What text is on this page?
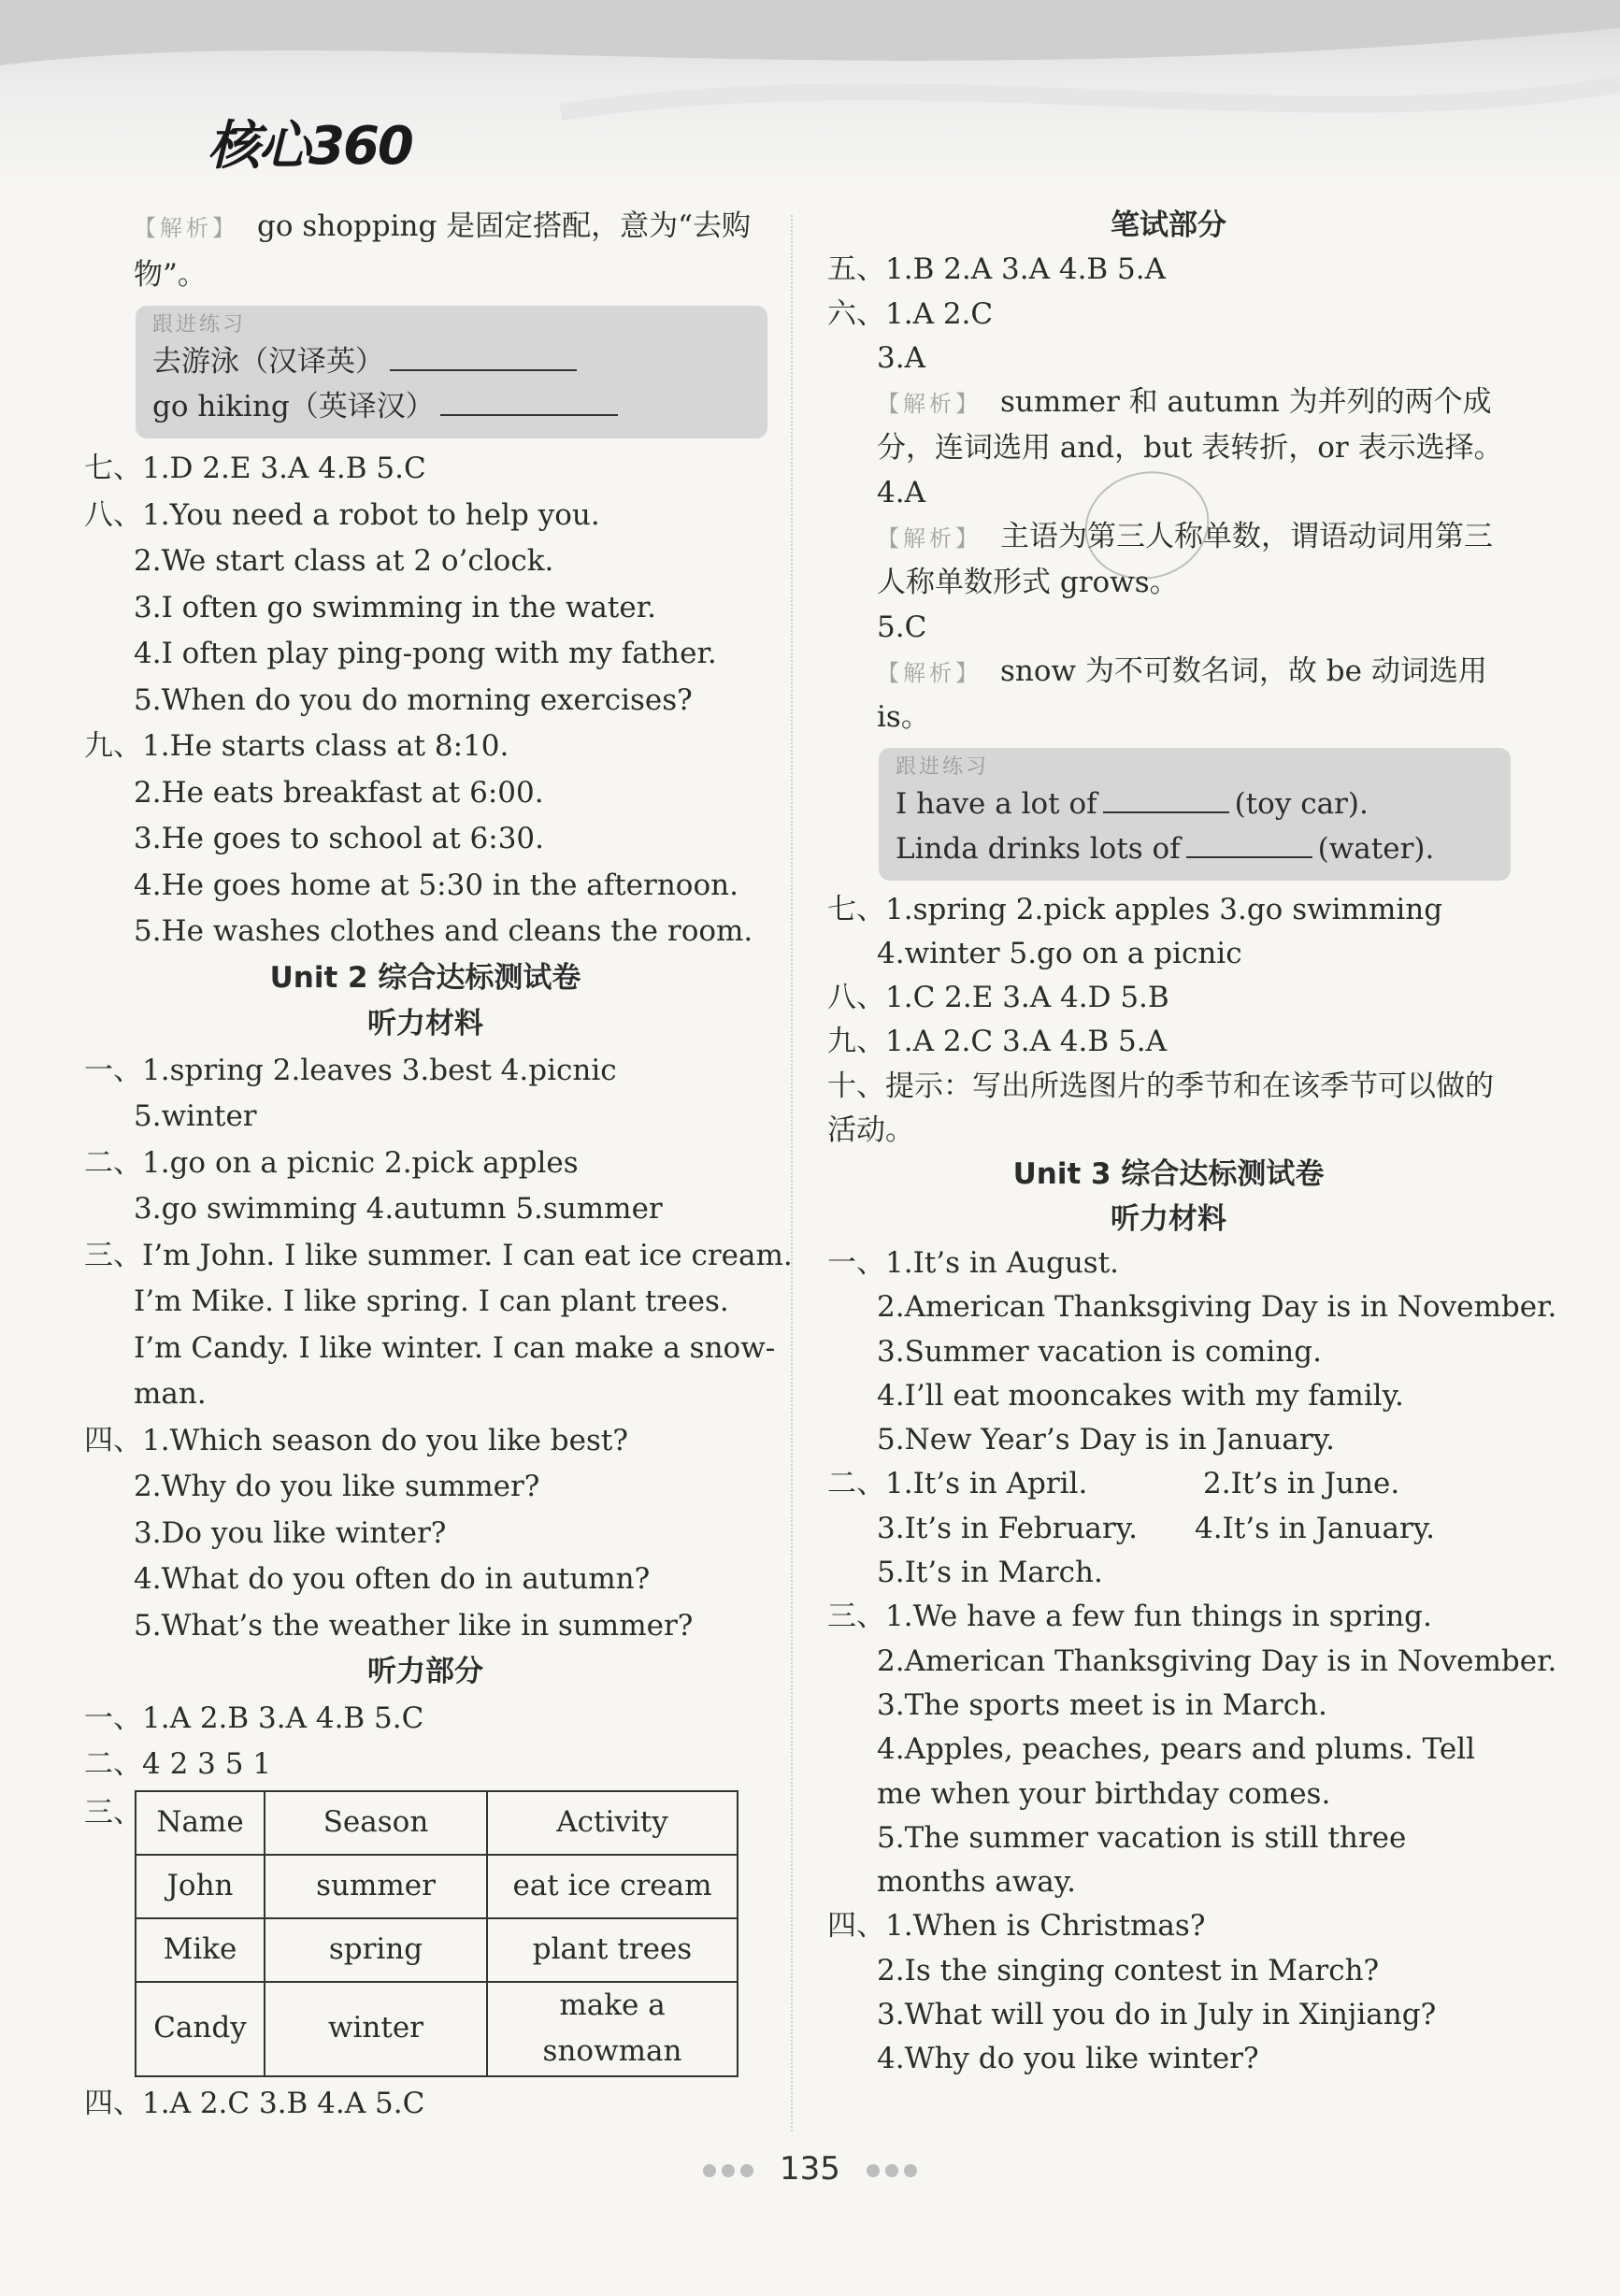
核心360
【解析】 go shopping 是固定搭配，意为“去购物”。
跟进练习
去游泳（汉译英）
go hiking（英译汉）
七、1.D 2.E 3.A 4.B 5.C
八、1.You need a robot to help you.
2.We start class at 2 o’clock.
3.I often go swimming in the water.
4.I often play ping-pong with my father.
5.When do you do morning exercises?
九、1.He starts class at 8:10.
2.He eats breakfast at 6:00.
3.He goes to school at 6:30.
4.He goes home at 5:30 in the afternoon.
5.He washes clothes and cleans the room.
Unit 2 综合达标测试卷
听力材料
一、1.spring 2.leaves 3.best 4.picnic
5.winter
二、1.go on a picnic 2.pick apples
3.go swimming 4.autumn 5.summer
三、I’m John. I like summer. I can eat ice cream.
I’m Mike. I like spring. I can plant trees.
I’m Candy. I like winter. I can make a snow-
man.
四、1.Which season do you like best?
2.Why do you like summer?
3.Do you like winter?
4.What do you often do in autumn?
5.What’s the weather like in summer?
听力部分
一、1.A 2.B 3.A 4.B 5.C
二、4 2 3 5 1
三、 Name	Season	Activity
John	summer	eat ice cream
Mike	spring	plant trees
Candy	winter	make a snowman
四、1.A 2.C 3.B 4.A 5.C
笔试部分
五、1.B 2.A 3.A 4.B 5.A
六、1.A 2.C
3.A
【解析】 summer 和 autumn 为并列的两个成分，连词选用 and，but 表转折，or 表示选择。
4.A
【解析】 主语为第三人称单数，谓语动词用第三人称单数形式 grows。
5.C
【解析】 snow 为不可数名词，故 be 动词选用 is。
跟进练习
I have a lot of	(toy car).
Linda drinks lots of	(water).
七、1.spring 2.pick apples 3.go swimming
4.winter 5.go on a picnic
八、1.C 2.E 3.A 4.D 5.B
九、1.A 2.C 3.A 4.B 5.A
十、提示：写出所选图片的季节和在该季节可以做的活动。
Unit 3 综合达标测试卷
听力材料
一、1.It’s in August.
2.American Thanksgiving Day is in November.
3.Summer vacation is coming.
4.I’ll eat mooncakes with my family.
5.New Year’s Day is in January.
二、1.It’s in April.	2.It’s in June.
3.It’s in February. 4.It’s in January.
5.It’s in March.
三、1.We have a few fun things in spring.
2.American Thanksgiving Day is in November.
3.The sports meet is in March.
4.Apples, peaches, pears and plums. Tell me when your birthday comes.
5.The summer vacation is still three months away.
四、1.When is Christmas?
2.Is the singing contest in March?
3.What will you do in July in Xinjiang?
4.Why do you like winter?
135
